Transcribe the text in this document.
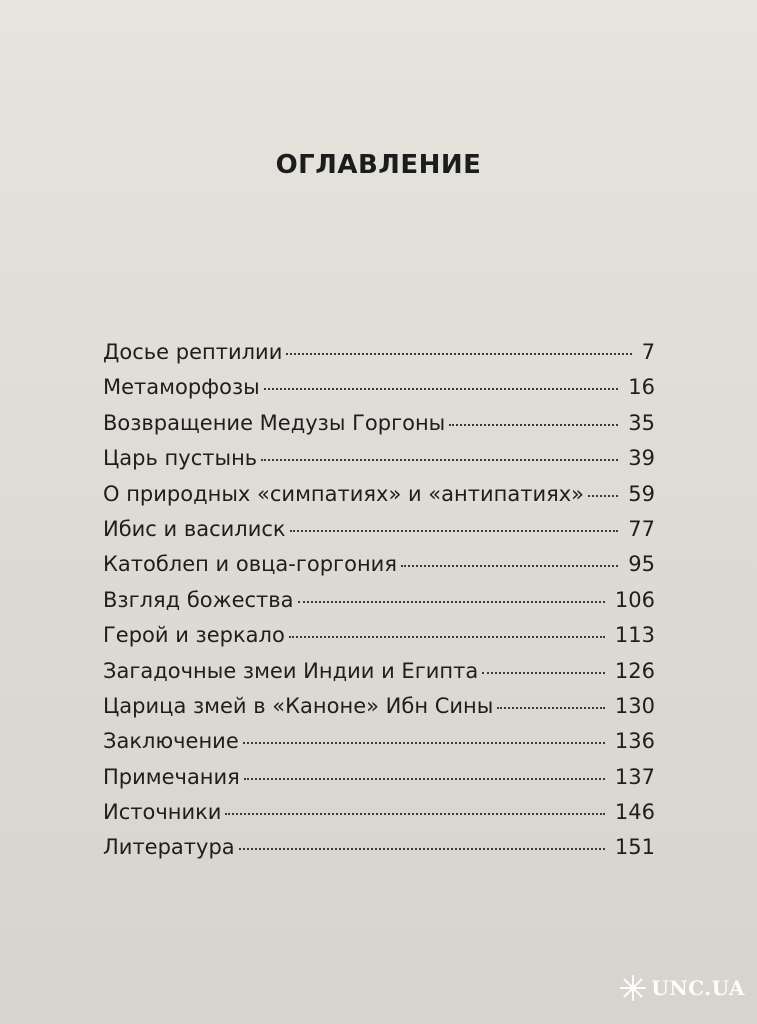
ОГЛАВЛЕНИЕ
Досье рептилии	7
Метаморфозы	16
Возвращение Медузы Горгоны	35
Царь пустынь	39
О природных «симпатиях» и «антипатиях» 59
Ибис и василиск	77
Катоблеп и овца-горгония	95
Взгляд божества	106
Герой и зеркало	113
Загадочные змеи Индии и Египта	126
Царица змей в «Каноне» Ибн Сины	130
Заключение	136
Примечания	137
Источники	146
Литература	151
UNC.UA
